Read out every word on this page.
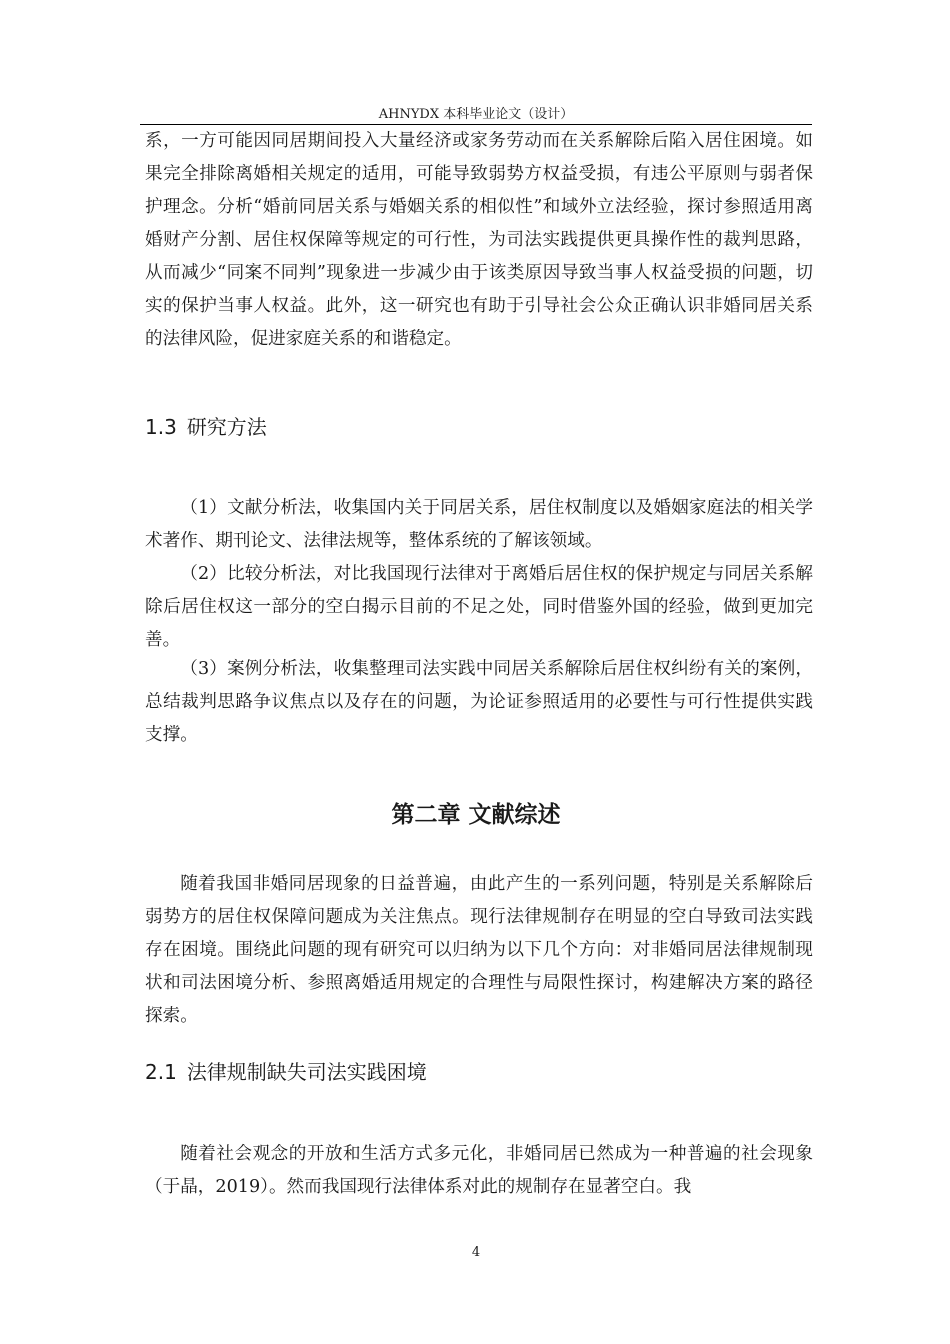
AHNYDX 本科毕业论文（设计）

系，一方可能因同居期间投入大量经济或家务劳动而在关系解除后陷入居住困境。如果完全排除离婚相关规定的适用，可能导致弱势方权益受损，有违公平原则与弱者保护理念。分析“婚前同居关系与婚姻关系的相似性”和域外立法经验，探讨参照适用离婚财产分割、居住权保障等规定的可行性，为司法实践提供更具操作性的裁判思路，从而减少“同案不同判”现象进一步减少由于该类原因导致当事人权益受损的问题，切实的保护当事人权益。此外，这一研究也有助于引导社会公众正确认识非婚同居关系的法律风险，促进家庭关系的和谐稳定。

1.3 研究方法

（1）文献分析法，收集国内关于同居关系，居住权制度以及婚姻家庭法的相关学术著作、期刊论文、法律法规等，整体系统的了解该领域。

（2）比较分析法，对比我国现行法律对于离婚后居住权的保护规定与同居关系解除后居住权这一部分的空白揭示目前的不足之处，同时借鉴外国的经验，做到更加完善。

（3）案例分析法，收集整理司法实践中同居关系解除后居住权纠纷有关的案例，总结裁判思路争议焦点以及存在的问题，为论证参照适用的必要性与可行性提供实践支撑。

第二章 文献综述

随着我国非婚同居现象的日益普遍，由此产生的一系列问题，特别是关系解除后弱势方的居住权保障问题成为关注焦点。现行法律规制存在明显的空白导致司法实践存在困境。围绕此问题的现有研究可以归纳为以下几个方向：对非婚同居法律规制现状和司法困境分析、参照离婚适用规定的合理性与局限性探讨，构建解决方案的路径探索。

2.1 法律规制缺失司法实践困境

随着社会观念的开放和生活方式多元化，非婚同居已然成为一种普遍的社会现象（于晶，2019）。然而我国现行法律体系对此的规制存在显著空白。我

4
